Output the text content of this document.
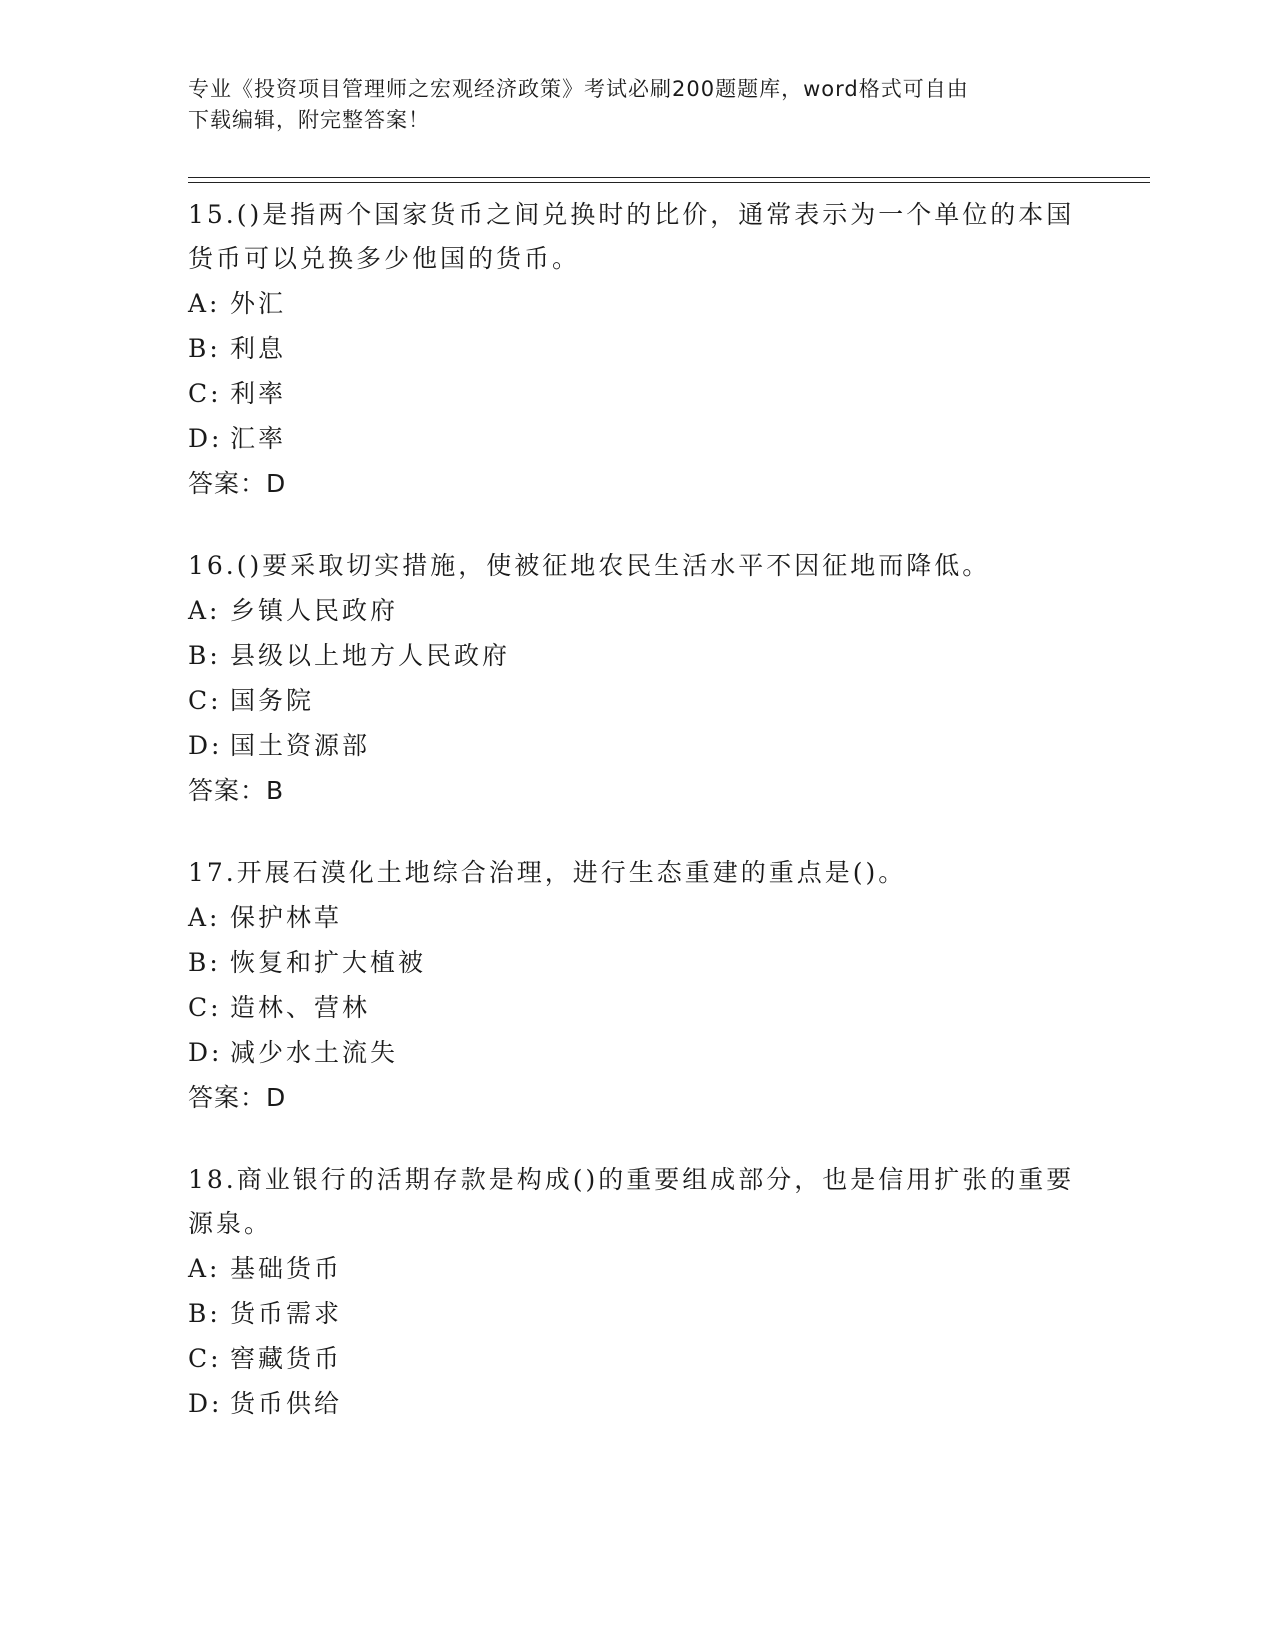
专业《投资项目管理师之宏观经济政策》考试必刷200题题库，word格式可自由
下载编辑，附完整答案！

15.()是指两个国家货币之间兑换时的比价，通常表示为一个单位的本国货币可以兑换多少他国的货币。

A: 外汇

B: 利息

C: 利率

D: 汇率

答案：D

16.()要采取切实措施，使被征地农民生活水平不因征地而降低。

A: 乡镇人民政府

B: 县级以上地方人民政府

C: 国务院

D: 国土资源部

答案：B

17.开展石漠化土地综合治理，进行生态重建的重点是()。

A: 保护林草

B: 恢复和扩大植被

C: 造林、营林

D: 减少水土流失

答案：D

18.商业银行的活期存款是构成()的重要组成部分，也是信用扩张的重要源泉。

A: 基础货币

B: 货币需求

C: 窖藏货币

D: 货币供给
